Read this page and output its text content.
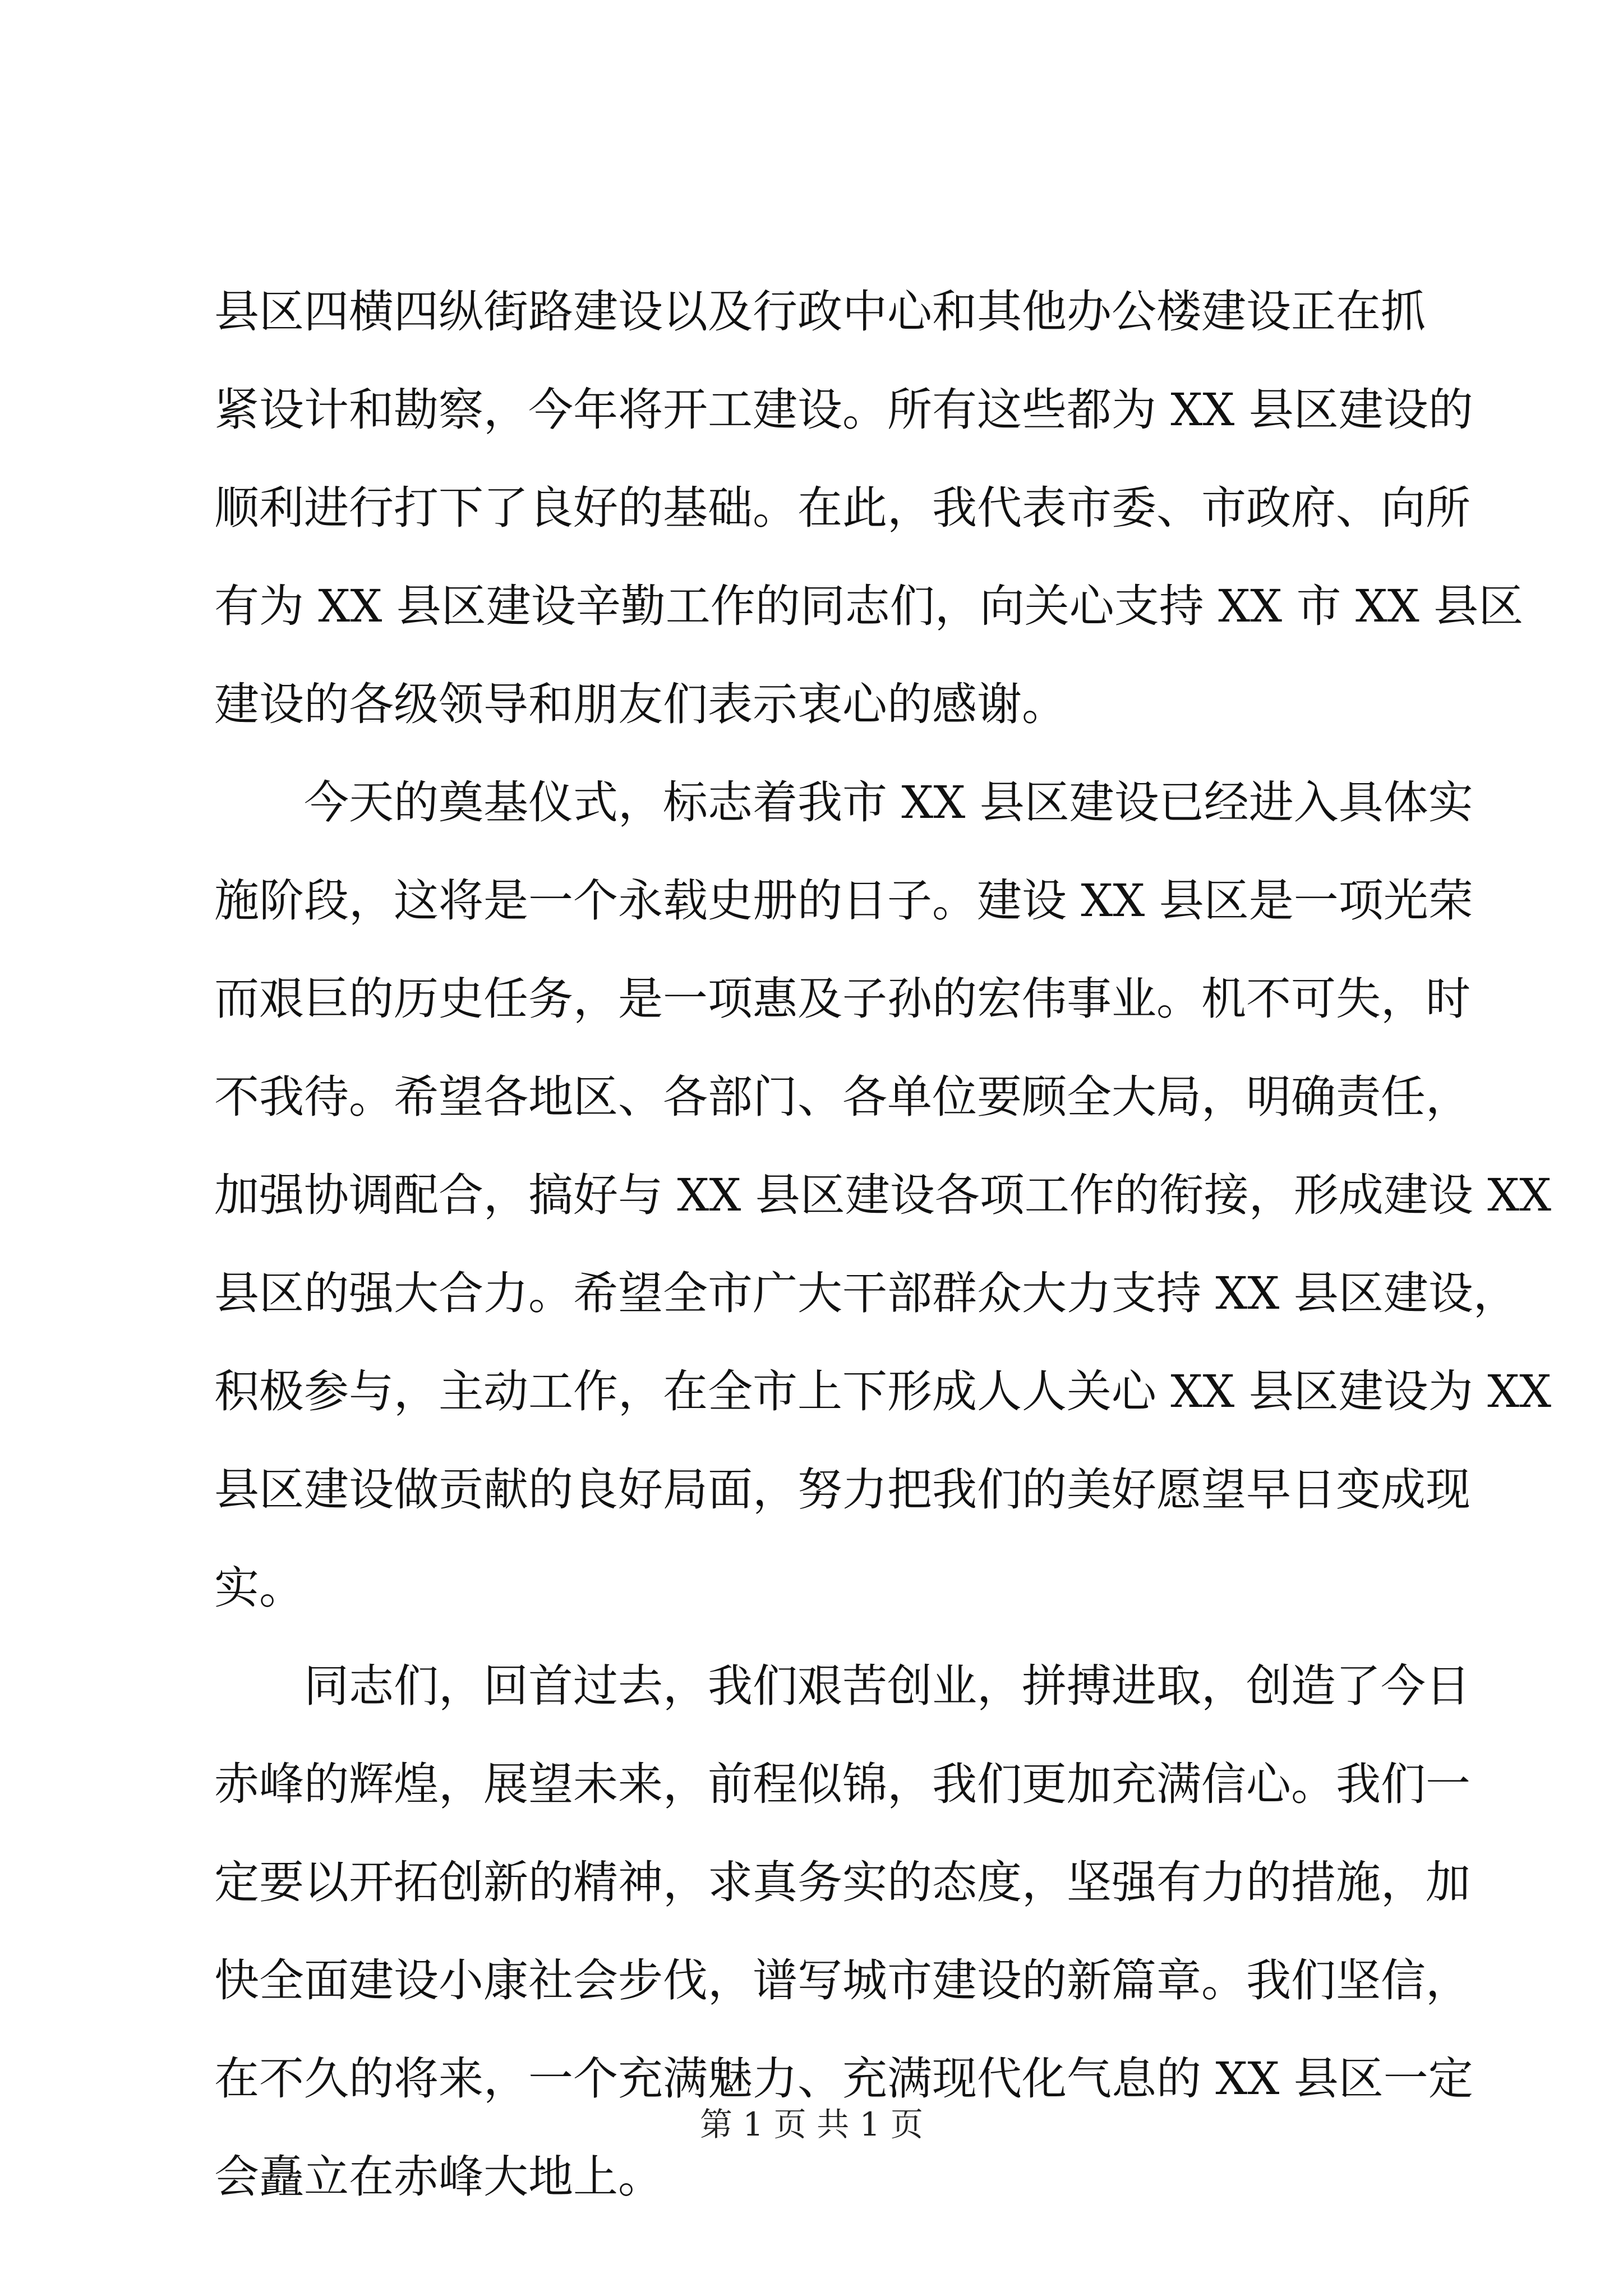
县区四横四纵街路建设以及行政中心和其他办公楼建设正在抓
紧设计和勘察，今年将开工建设。所有这些都为 XX 县区建设的
顺利进行打下了良好的基础。在此，我代表市委、市政府、向所
有为 XX 县区建设辛勤工作的同志们，向关心支持 XX 市 XX 县区
建设的各级领导和朋友们表示衷心的感谢。
　　今天的奠基仪式，标志着我市 XX 县区建设已经进入具体实
施阶段，这将是一个永载史册的日子。建设 XX 县区是一项光荣
而艰巨的历史任务，是一项惠及子孙的宏伟事业。机不可失，时
不我待。希望各地区、各部门、各单位要顾全大局，明确责任，
加强协调配合，搞好与 XX 县区建设各项工作的衔接，形成建设 XX
县区的强大合力。希望全市广大干部群众大力支持 XX 县区建设，
积极参与，主动工作，在全市上下形成人人关心 XX 县区建设为 XX
县区建设做贡献的良好局面，努力把我们的美好愿望早日变成现
实。
　　同志们，回首过去，我们艰苦创业，拼搏进取，创造了今日
赤峰的辉煌，展望未来，前程似锦，我们更加充满信心。我们一
定要以开拓创新的精神，求真务实的态度，坚强有力的措施，加
快全面建设小康社会步伐，谱写城市建设的新篇章。我们坚信，
在不久的将来，一个充满魅力、充满现代化气息的 XX 县区一定
会矗立在赤峰大地上。
第 1 页 共 1 页
